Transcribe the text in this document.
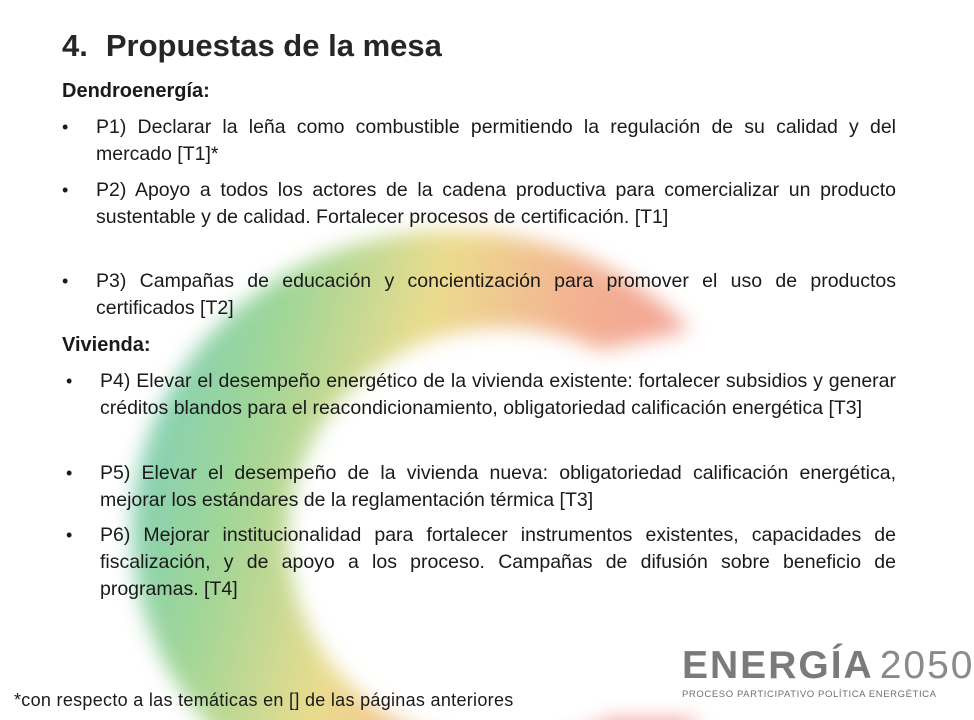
4. Propuestas de la mesa
Dendroenergía:
• P1) Declarar la leña como combustible permitiendo la regulación de su calidad y del mercado [T1]*
• P2) Apoyo a todos los actores de la cadena productiva para comercializar un producto sustentable y de calidad. Fortalecer procesos de certificación. [T1]
• P3) Campañas de educación y concientización para promover el uso de productos certificados [T2]
Vivienda:
• P4) Elevar el desempeño energético de la vivienda existente: fortalecer subsidios y generar créditos blandos para el reacondicionamiento, obligatoriedad calificación energética [T3]
• P5) Elevar el desempeño de la vivienda nueva: obligatoriedad calificación energética, mejorar los estándares de la reglamentación térmica [T3]
• P6) Mejorar institucionalidad para fortalecer instrumentos existentes, capacidades de fiscalización, y de apoyo a los proceso. Campañas de difusión sobre beneficio de programas. [T4]
ENERGÍA 2050
PROCESO PARTICIPATIVO POLÍTICA ENERGÉTICA
*con respecto a las temáticas en [] de las páginas anteriores
